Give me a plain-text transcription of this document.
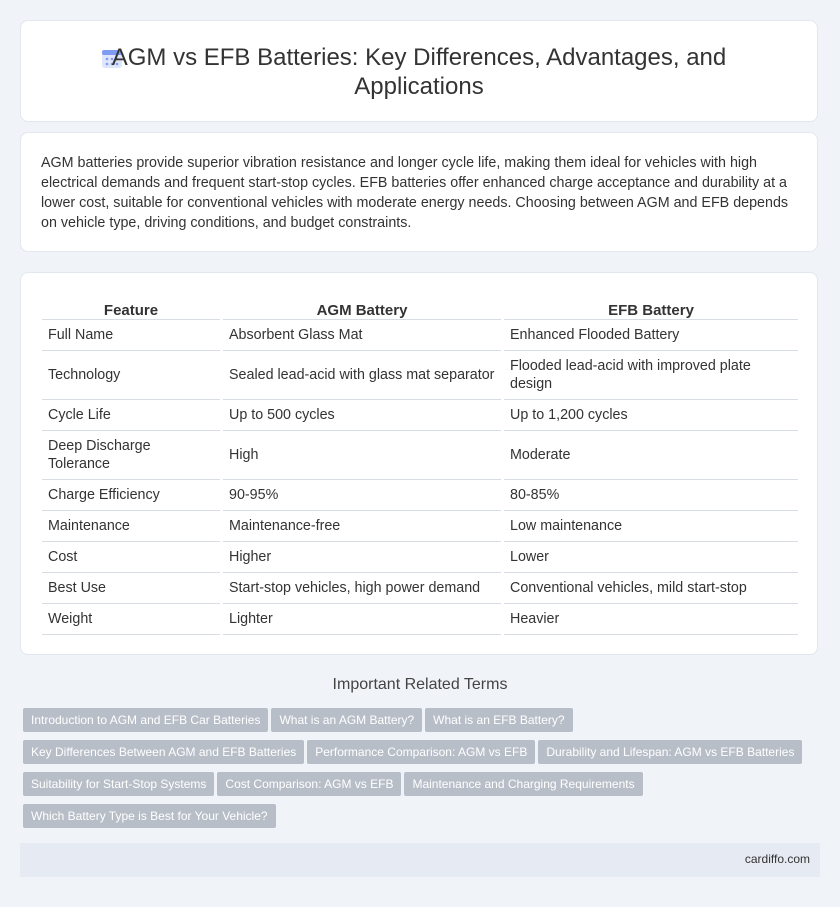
AGM vs EFB Batteries: Key Differences, Advantages, and Applications

AGM batteries provide superior vibration resistance and longer cycle life, making them ideal for vehicles with high electrical demands and frequent start-stop cycles. EFB batteries offer enhanced charge acceptance and durability at a lower cost, suitable for conventional vehicles with moderate energy needs. Choosing between AGM and EFB depends on vehicle type, driving conditions, and budget constraints.

Feature	AGM Battery	EFB Battery
Full Name	Absorbent Glass Mat	Enhanced Flooded Battery
Technology	Sealed lead-acid with glass mat separator	Flooded lead-acid with improved plate design
Cycle Life	Up to 500 cycles	Up to 1,200 cycles
Deep Discharge Tolerance	High	Moderate
Charge Efficiency	90-95%	80-85%
Maintenance	Maintenance-free	Low maintenance
Cost	Higher	Lower
Best Use	Start-stop vehicles, high power demand	Conventional vehicles, mild start-stop
Weight	Lighter	Heavier
Important Related Terms
Introduction to AGM and EFB Car Batteries What is an AGM Battery? What is an EFB Battery?
Key Differences Between AGM and EFB Batteries Performance Comparison: AGM vs EFB Durability and Lifespan: AGM vs EFB Batteries
Suitability for Start-Stop Systems Cost Comparison: AGM vs EFB Maintenance and Charging Requirements
Which Battery Type is Best for Your Vehicle?
cardiffo.com
